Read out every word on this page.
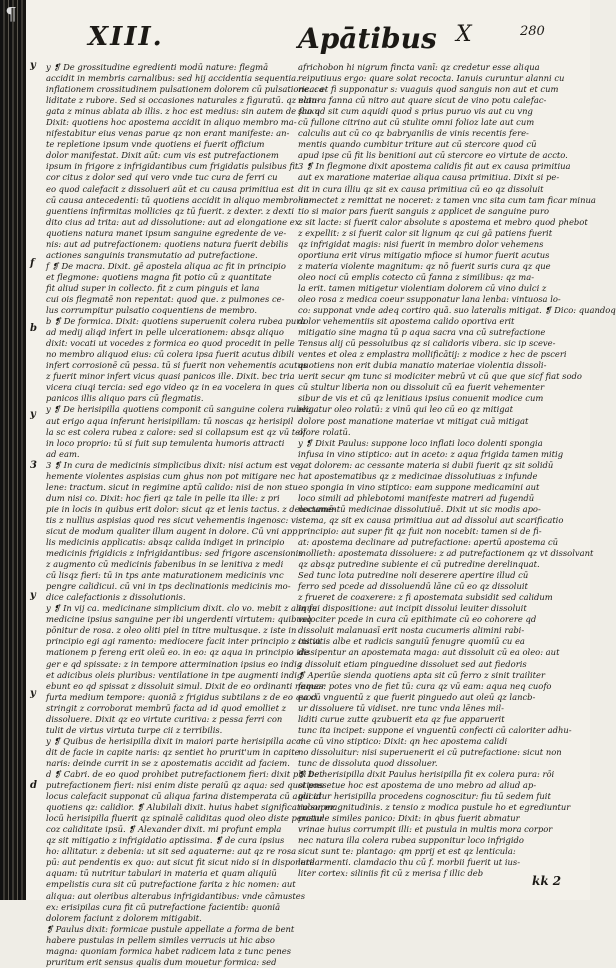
¶
XIII.	Apātibus X	280
y
f
b
y
y
d
3
y
y ❡ De grossitudine egredienti modū nature: flegmā
accidit in membris carnalibus: sed hij accidentia sequentia.
inflationem crossitudinem pulsationem dolorem cū pulsatione. ca-
liditate z rubore. Sed si occasiones naturales z figuratū. qz elon-
gata z minus ablata ab illis. z hoc est medius: sin autem de fluxu
Dixit: quotiens hoc apostema accidit in aliquo membro ma-
nifestabitur eius venas parue qz non erant manifeste: an-
te repletione ipsum vnde quotiens ei fuerit officium
dolor manifestat. Dixit aūt: cum vis est putrefactionem
ipsum in frigore z infrigidantibus cum frigidatis pulsibus fit
cor citus z dolor sed qui vero vnde tuc cura de ferri cu
eo quod calefacit z dissolueri aūt et cu causa primitiua est
cū causa antecedenti: tū quotiens accidit in aliquo membro in-
guentiens infirmitas mollicies qz tū fuerit. z dexter. z dexti
dito cius ad trita: aut ad dissolutione: aut ad elongatione ex
quotiens natura manet ipsum sanguine egredente de ve-
nis: aut ad putrefactionem: quotiens natura fuerit debilis
actiones sanguinis transmutatio ad putrefactione.
f ❡ De macra. Dixit. gē apostela aliqua ac fit in principio
et flegmone: quotiens magna fit potio cū z quantitate
fit aliud super in collecto. fit z cum pinguis et lana
cui ois flegmatē non repentat: quod que. z pulmones ce-
lus corrumpitur pulsatio coquentiens de membro.
b ❡ De formica. Dixit: quotiens superuenit colera rubea pura
ad medij aliqd infert in pelle ulcerationem: absqz aliquo
dixit: vocati ut vocedes z formica eo quod procedit in pelle
no membro aliquod eius: cū colera ipsa fuerit acutus dibili
infert corrosionē cū pessa. tū si fuerit non vehementis acutus
z fuerit minor infert vicus quasi panicos ille. Dixit. bec tria
vicera ciuqi tercia: sed ego video qz in ea vocelera in ques
panicos illis aliquo pars cū flegmatis.
y ❡ De herisipilla quotiens componit cū sanguine colera rubea
aut erigo aqua inferunt herisipillam: tū noscas qz herisipil
la sc est colera rubea z calore: sed si collapsum est qz vū telf
in loco proprio: tū si fuit sup temulenta humoris attracti
ad eam.
3 ❡ In cura de medicinis simplicibus dixit: nisi actum est ve
hemente violentes aspisias cum ghus non pot mitigare nec
lene: tractum. sicut in regimine aptū calido: nisi de non stu
dum nisi co. Dixit: hoc fieri qz tale in pelle ita ille: z pri
pie in locis in quibus erit dolor: sicut qz et lenis tactus. z delectamē-
tis z nullius aspisias quod res sicut vehementis ingenosc: vi
sicut de modum qualiter illum augent in dolore. Cū vni app
lis medicinis applicatis: absqz calida indiget in principio
medicinis frigidicis z infrigidantibus: sed frigore ascensionis
z augmento cū medicinis fabenibus in se lenitiva z medi
cū lisqz fieri: tū in tps ante maturationem medicinis vnc
pengre calidicui. cū vni in tps declinationis medicinis mo-
dice calefactionis z dissolutionis.
y ❡ In vij ca. medicinane simplicium dixit. clo vo. mebit z alique
medicine ipsius sanguine per ibi ungerdenti virtutem: quibusq
pōnitur de rosa. z oleo oliti piel in titre multusque. z iste in
principio egi agi ramento: mediocere facit inter principio z initiu
mationem p fereng erit oleū eo. in eo: qz aqua in principio ide
ger e qd spissate: z in tempore attermination ipsius eo indig
et adicibus oleis pluribus: ventilatione in tpe augmenti indig
ebunt eo qd spissat z dissoluit simul. Dixit de eo ordinanti nequar
furta medium tempore: quoniā z frigidus subtilans z de eo quod
stringit z corroborat membrū facta ad id quod emolliet z
dissoluere. Dixit qz eo virtute curitiva: z pessa ferri con
tulit de virtus virtuta turpe cii z terribilis.
y ❡ Quibus de herisipilla dixit in maiori parte herisipilla acci
dit de facie in capite naris: qz sentiet ho prurit'um in capite
naris: deinde currit in se z apostematis accidit ad faciem.
d ❡ Cabri. de eo quod prohibet putrefactionem fieri: dixit phi bet
putrefactionem fieri: nisi enim diste peraiū qz aqua: sed quotiens
locus calefacit supponat cū aliqua farina distemperata cū aqui id
quotiens qz: calidior. ❡ Alubilali dixit. huius habet significatio super
locū herisipilla fluerit qz spinalē caliditas quod oleo diste peratur
coz caliditate ipsū. ❡ Alexander dixit. mi profunt empla
qz sit mitigatio z infrigidatio aptissima. ❡ de cura ipsius
ho: allitatur. z debenia: ut sit sed aquaterne: aut qz re rosa
pū: aut pendentis ex quo: aut sicut fit sicut nido si in disponere
aquam: tū nutritur tabulari in materia et quam aliquiū
empelistis cura sit cū putrefactione farita z hic nomen: aut
aliqua: aut oleribus alterabus infrigidantibus: vnde cāmustes
ex: erisipilas cura fit cū putrefactione facientib: quoniā
dolorem faciunt z dolorem mitigabit.
❡ Paulus dixit: formicae pustule appellate a forma de bent
habere pustulas in pellem similes verrucis ut hic abso
magna: quoniam formica habet radicem lata z tunc penes
pruritum erit sensus qualis dum mouetur formica: sed
africhobon hi nigrum fincta vanī: qz credetur esse aliqua
reiputiuus ergo: quare solat recocta. Ianuis curuntur alanni cu
rica: et fi supponatur s: vuaguis quod sanguis non aut et cum
natura fanna cū nitro aut quare sicut de vino potu calefac-
sca qd sit cum aquidi quod s prius puruo vis aut cu vng
cū fullone citrino aut cū stulite omni folioz late aut cum
calculis aut cū co qz babryanilis de vinis recentis fere-
mentis quando cumbitur triture aut cū stercore quod cū
apud ipse cū fit lis benitioni aut cū stercore eo virtute de accto.
3 ❡ In flegmone dixit apostema calidis fit aut ex causa primitiua
aut ex maratione materiae aliqua causa primitiua. Dixit si pe-
dit in cura illiu qz sit ex causa primitiua cū eo qz dissoluit
humectet z remittat ne noceret: z tamen vnc sita cum tam ficar minua
tio si maior pars fuerit sanguis z applicet de sanguine puro
z sit lacte: si fuerit calor absolute s apostema et mebro quod phebot
z expellit: z si fuerit calor sit lignum qz cui gā patiens fuerit
qz infrigidat magis: nisi fuerit in membro dolor vehemens
oportiuna erit virus mitigatio mfioce si humor fuerit acutus
z materia violente magnitum: qz nō fuerit suris cura qz que
oleo noci cū emplis cotecto cū fanna z similibus: qz ma-
la erit. tamen mitigetur violentiam dolorem cū vino dulci z
oleo rosa z medica coeur ssupponatur lana lenba: vintuosa lo-
co: supponat vnde adeq cortiro quā. suo lateralis mitigat. ❡ Dico: quandoq
dolor vehementiis sit apostema calido oportiva erit
mitigatio sine magna tū p aqua sacra vna cū sutrefactione
Tensus alij cū pessoluibus qz si calidoris vibera. sic ip sceve-
ventes et olea z emplastra mollificātij: z modice z hec de psceri
quotiens non erit dubia manatio materiae violentia dissoli-
uerit secur qm tunc si modiciter mebrū vt cū que que sicf fiat sodo
cū stultur liberia non ou dissoluit cū ea fuerit vehementer
sibur de vis et cū qz lenitiaus ipsius conuenit modice cum
eligatur oleo rolatū: z vinū qui leo cū eo qz mitigat
dolore post manatione materiae vt mitigat cuā mitigat
olore rolatū.
y ❡ Dixit Paulus: suppone loco inflati loco dolenti spongia
infusa in vino stiptico: aut in aceto: z aqua frigida tamen mitig
gat dolorem: ac cessante materia si dubii fuerit qz sit solidū
hat apostematibus qz z medicinae dissolutiuas z infunde
eo spongia in vino stiptico: eam suppone medicamini aut
loco simili ad phlebotomi manifeste matreri ad fugendū
nocumentū medicinae dissolutiuē. Dixit ut sic modis apo-
stema, qz sit ex causa primitiua aut ad dissolui aut scarificatio
principio: aut super fit qz fuit non nocebit: tamen si de fi-
at: apostema declinare ad putrefactione: apertū apostema cū
mollieth: apostemata dissoluere: z ad putrefactionem qz vt dissolvant
qz absqz putredine subiente ei cū putredine derelinquat.
Sed tunc lota putredine noli deserere apertire illud cū
ferro sed pcede ad dissoluendū lāne cū eo qz dissoluit
z frueret de coaxerere: z fi apostemata subsidit sed calidum
in fui dispositione: aut incipit dissolui leuiter dissoluit
velociter pcede in cura cū epithimate cū eo cohorere qd
dissoluit malanuasī erit nosta cucumeris alimini rabi-
cis vitis albe et radicis sanguiū fenugre quomiū cu ea
dissipentur an apostemata maga: aut dissoluit cū ea oleo: aut
z dissoluit etiam pinguedine dissoluet sed aut fiedoris
❡ Aperiūe sienda quotiens apta sit cū ferro z sinit trailiter
fames: potes vno de fiet tū: cura qz vū eam: aqua neq cuofo
ea cū vnguentū z que fuerit pinguedo aut oleū qz lancb-
ur dissoluere tū vidiset. nre tunc vnda lēnes mil-
liditi curue zutte qzubuerit eta qz fue apparuerit
tunc ita incipet: suppone ei vnguentū confecti cū caloriter adhu-
me cū vino stiptico: Dixit: qn hec apostema calidi
no dissoluitur: nisi superuenerit ei cū putrefactione: sicut non
tunc de dissoluta quod dissoluer.
❡ De herisipilla dixit Paulus herisipilla fit ex colera pura: rōi
si possetue hoc est apostema de uno mebro ad aliud ap-
plicatur herisipilla procedens cognoscitur: fiu tū sedem fuit
rubor magnitudinis. z tensio z modica pustule ho et egrediuntur
pustule similes panico: Dixit: in qbus fuerit abmatur
vrinae huius corrumpit illi: et pustula in multis mora corpor
nec natura illa colera rubea supponitur loco infrigido
sicut sunt te: plantago: qm pprij et est qz lenticula:
lutilarmenti. clamdacio thu cū f. morbii fuerit ut ius-
liter cortex: siliniis fit cū z merisa f illic deb
kk 2
